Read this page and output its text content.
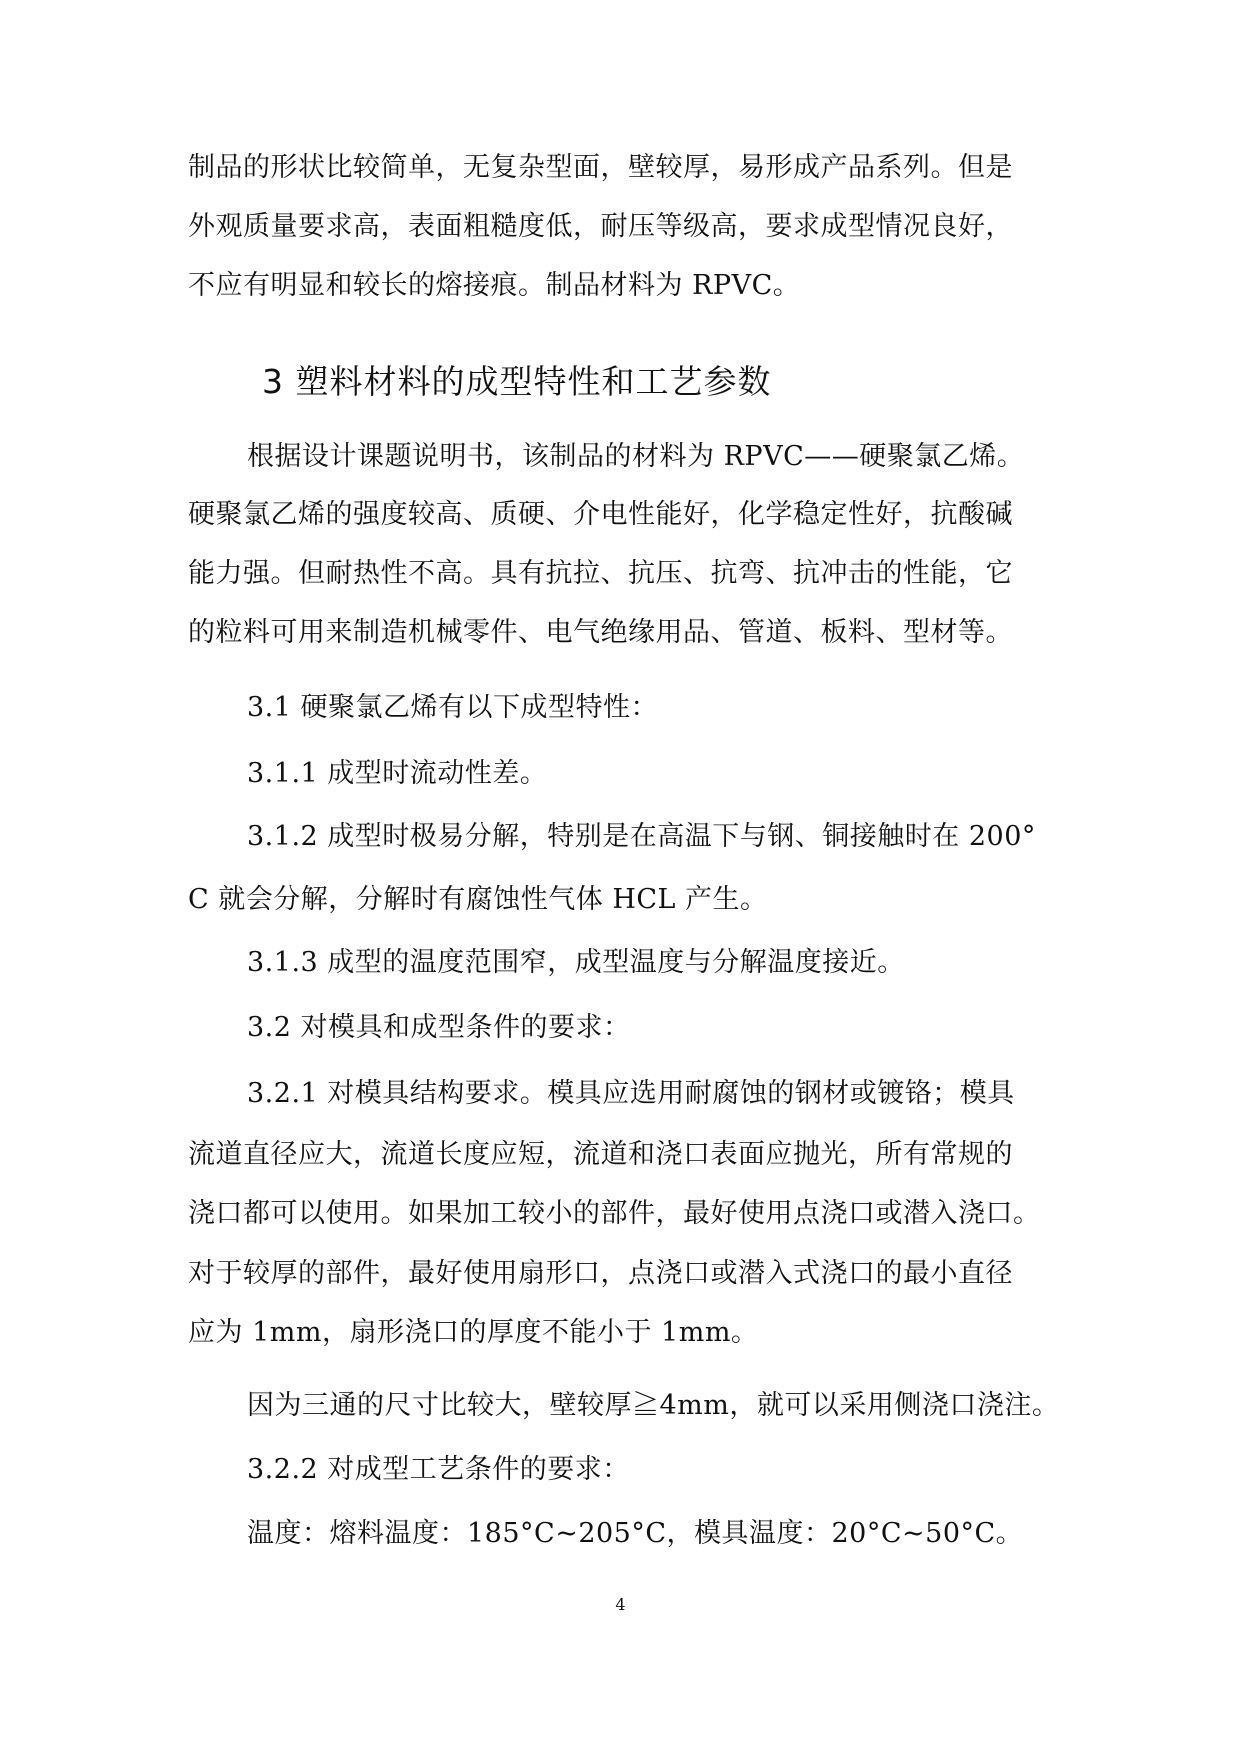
制品的形状比较简单，无复杂型面，壁较厚，易形成产品系列。但是
外观质量要求高，表面粗糙度低，耐压等级高，要求成型情况良好，
不应有明显和较长的熔接痕。制品材料为 RPVC。
3 塑料材料的成型特性和工艺参数
根据设计课题说明书，该制品的材料为 RPVC——硬聚氯乙烯。
硬聚氯乙烯的强度较高、质硬、介电性能好，化学稳定性好，抗酸碱
能力强。但耐热性不高。具有抗拉、抗压、抗弯、抗冲击的性能，它
的粒料可用来制造机械零件、电气绝缘用品、管道、板料、型材等。
3.1 硬聚氯乙烯有以下成型特性：
3.1.1 成型时流动性差。
3.1.2 成型时极易分解，特别是在高温下与钢、铜接触时在 200°
C 就会分解，分解时有腐蚀性气体 HCL 产生。
3.1.3 成型的温度范围窄，成型温度与分解温度接近。
3.2 对模具和成型条件的要求：
3.2.1 对模具结构要求。模具应选用耐腐蚀的钢材或镀铬；模具
流道直径应大，流道长度应短，流道和浇口表面应抛光，所有常规的
浇口都可以使用。如果加工较小的部件，最好使用点浇口或潜入浇口。
对于较厚的部件，最好使用扇形口，点浇口或潜入式浇口的最小直径
应为 1mm，扇形浇口的厚度不能小于 1mm。
因为三通的尺寸比较大，壁较厚≧4mm，就可以采用侧浇口浇注。
3.2.2 对成型工艺条件的要求：
温度：熔料温度：185°C~205°C，模具温度：20°C~50°C。
4
